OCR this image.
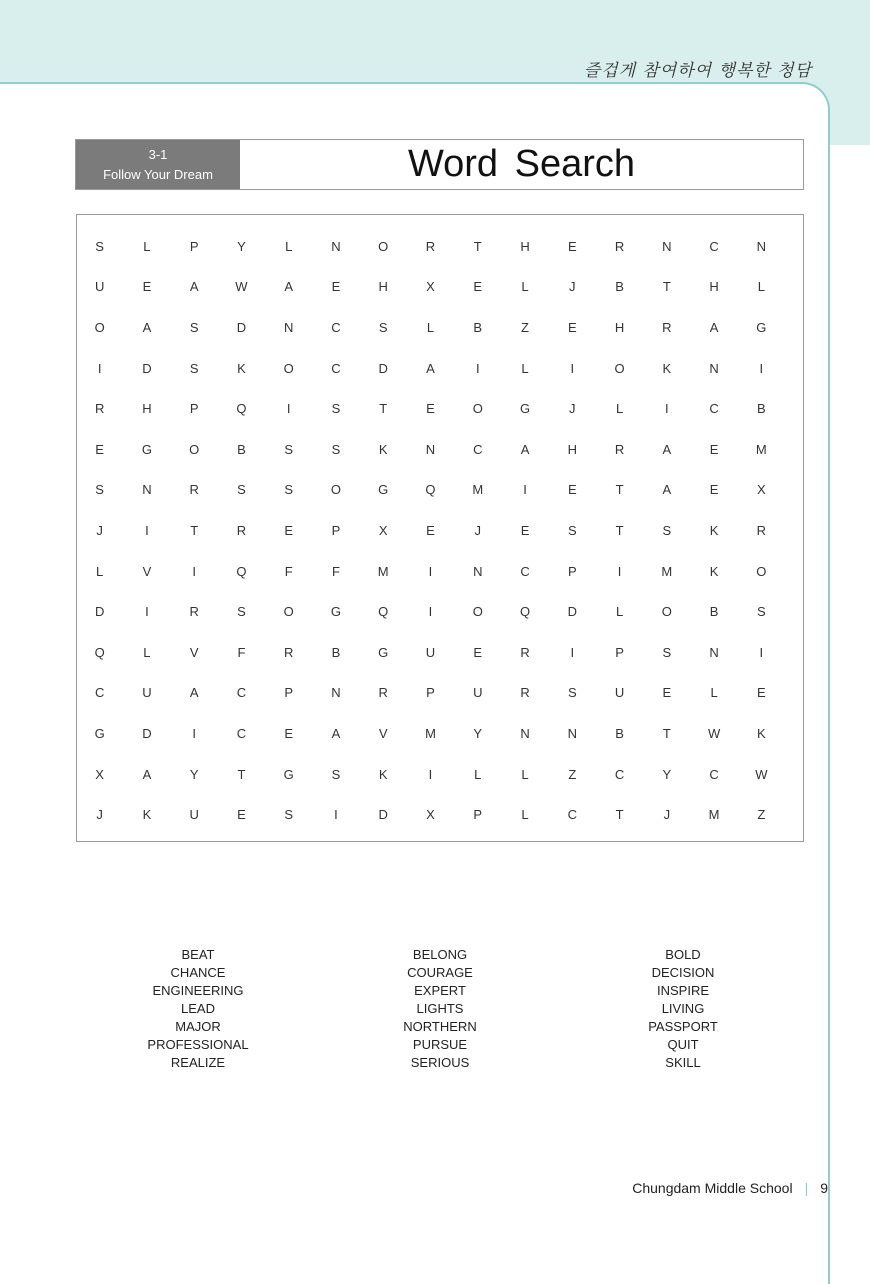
즐겁게 참여하여 행복한 청담
3-1
Follow Your Dream	Word Search
S	L	P	Y	L	N	O	R	T	H	E	R	N	C	N
U	E	A	W	A	E	H	X	E	L	J	B	T	H	L
O	A	S	D	N	C	S	L	B	Z	E	H	R	A	G
I	D	S	K	O	C	D	A	I	L	I	O	K	N	I
R	H	P	Q	I	S	T	E	O	G	J	L	I	C	B
E	G	O	B	S	S	K	N	C	A	H	R	A	E	M
S	N	R	S	S	O	G	Q	M	I	E	T	A	E	X
J	I	T	R	E	P	X	E	J	E	S	T	S	K	R
L	V	I	Q	F	F	M	I	N	C	P	I	M	K	O
D	I	R	S	O	G	Q	I	O	Q	D	L	O	B	S
Q	L	V	F	R	B	G	U	E	R	I	P	S	N	I
C	U	A	C	P	N	R	P	U	R	S	U	E	L	E
G	D	I	C	E	A	V	M	Y	N	N	B	T	W	K
X	A	Y	T	G	S	K	I	L	L	Z	C	Y	C	W
J	K	U	E	S	I	D	X	P	L	C	T	J	M	Z
BEAT
CHANCE
ENGINEERING
LEAD
MAJOR
PROFESSIONAL
REALIZE
BELONG
COURAGE
EXPERT
LIGHTS
NORTHERN
PURSUE
SERIOUS
BOLD
DECISION
INSPIRE
LIVING
PASSPORT
QUIT
SKILL
Chungdam Middle School | 9
